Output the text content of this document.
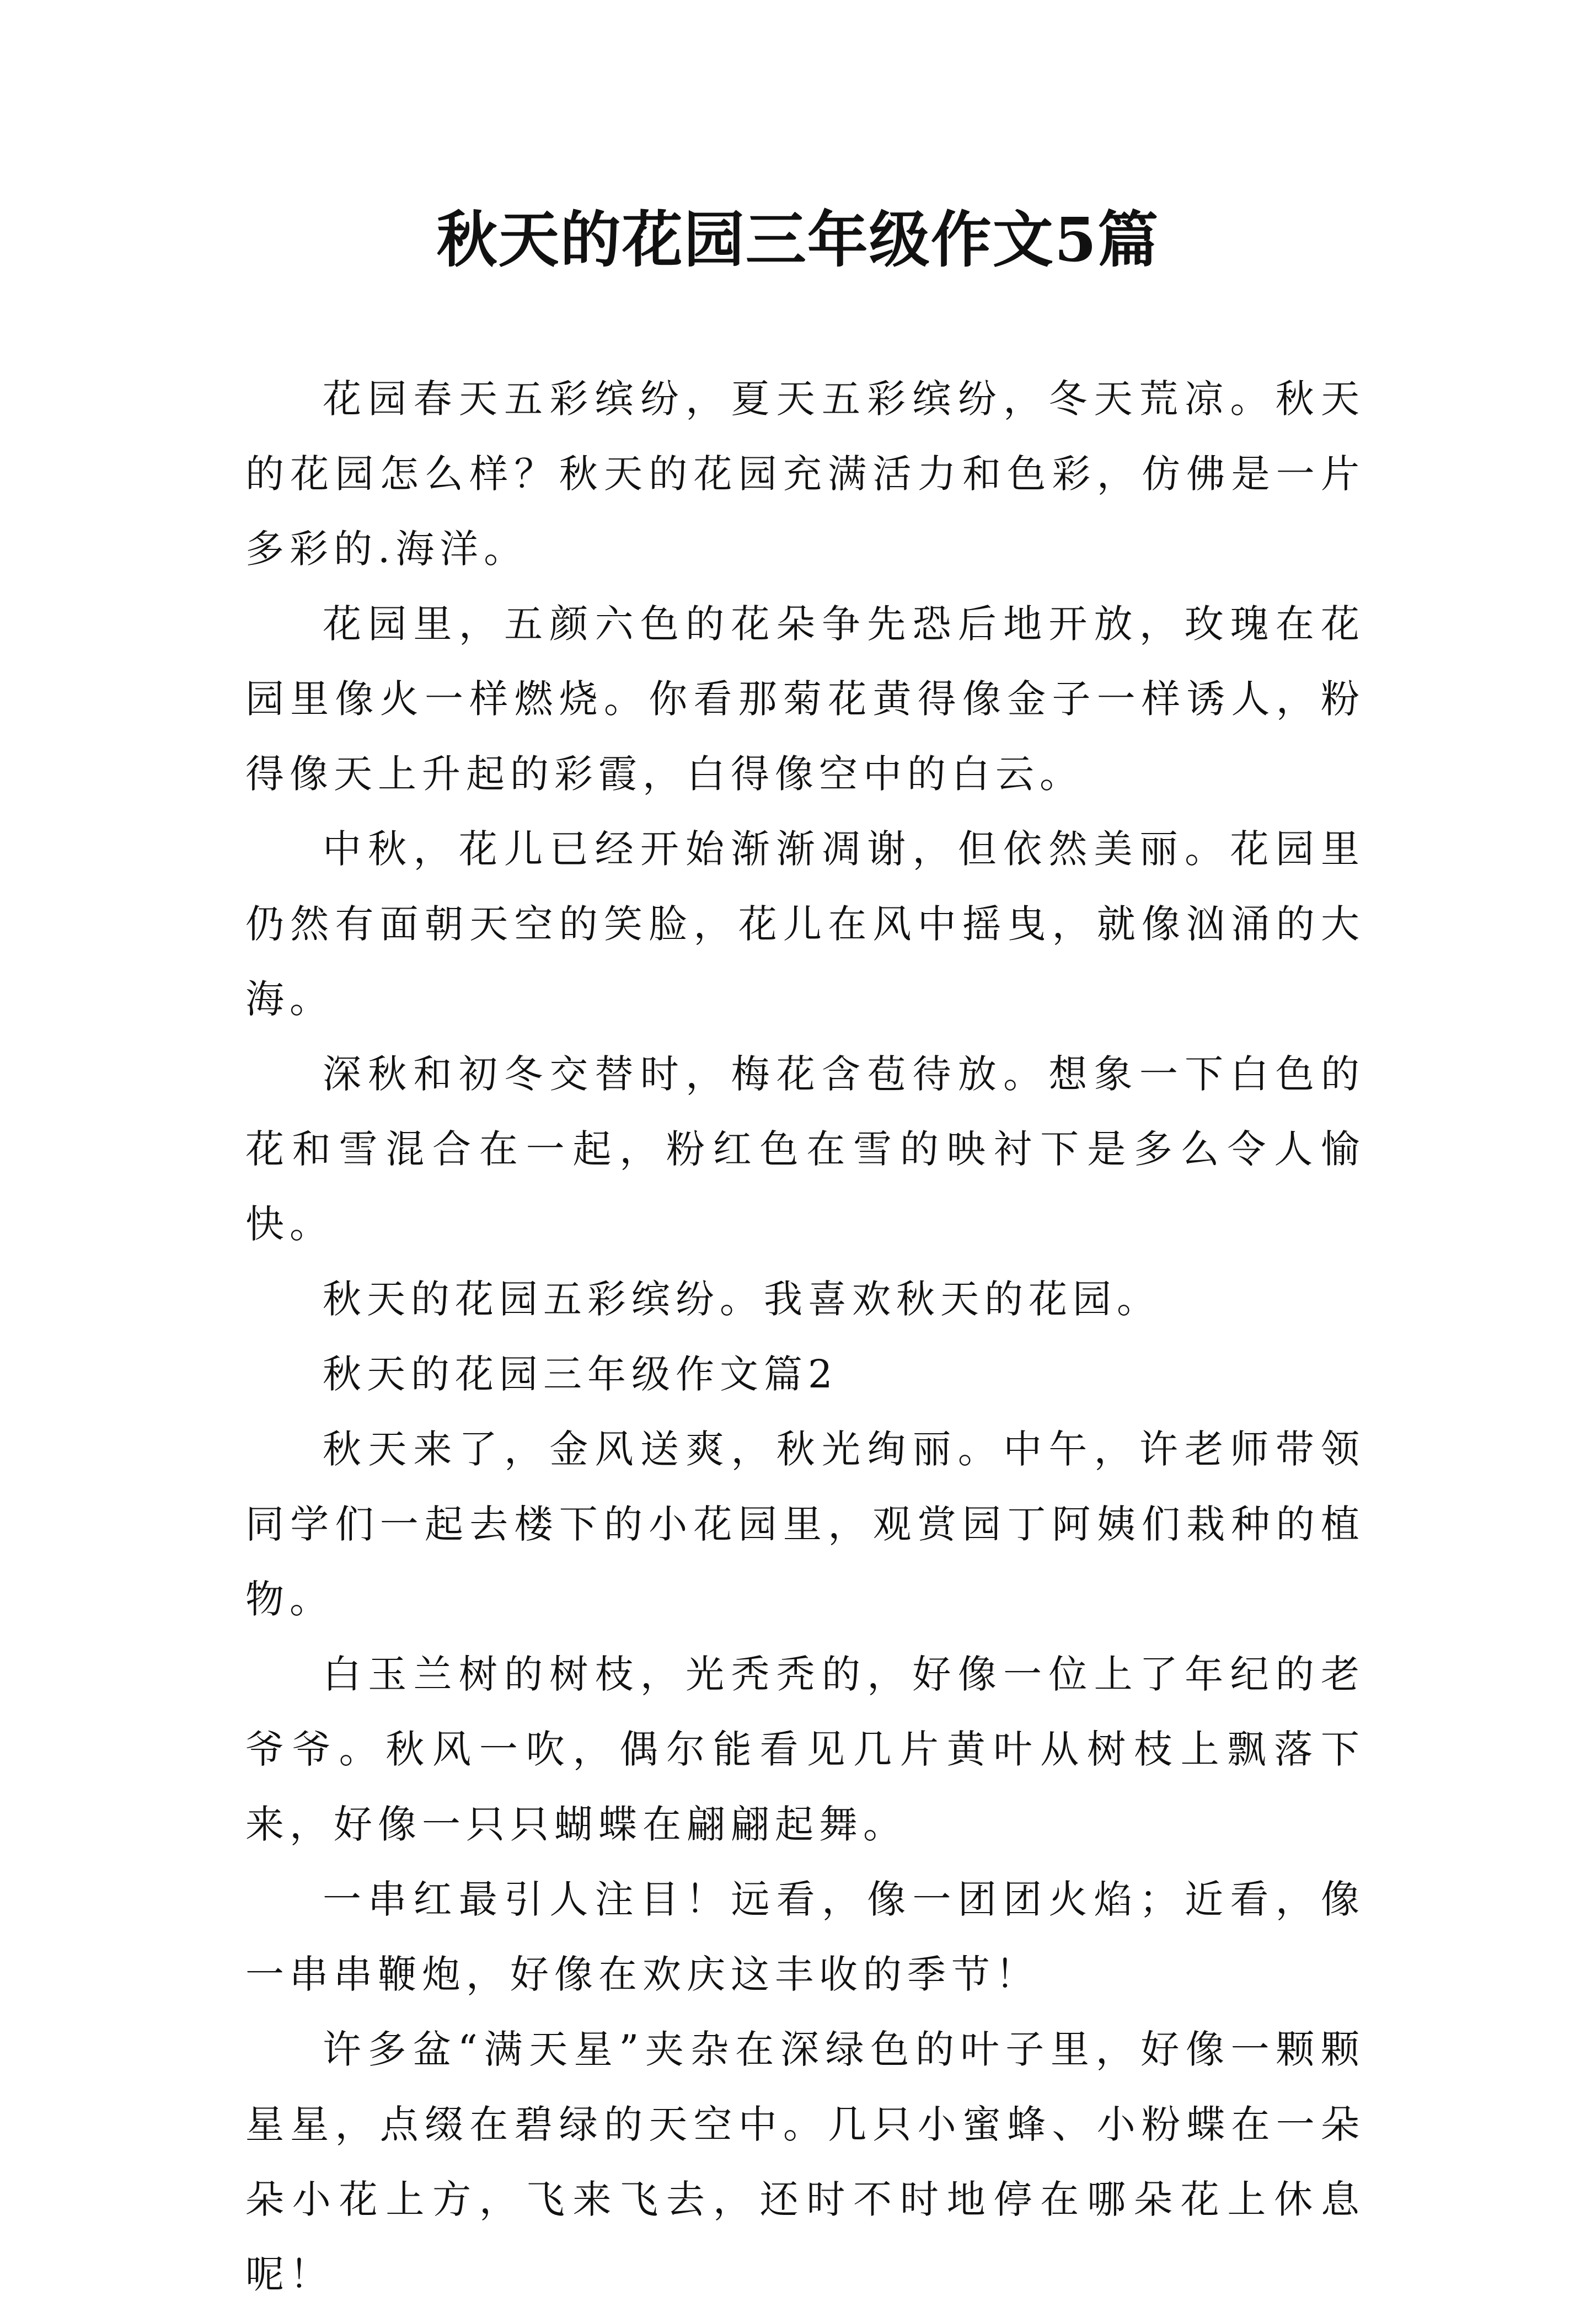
秋天的花园三年级作文5篇

花园春天五彩缤纷，夏天五彩缤纷，冬天荒凉。秋天的花园怎么样？秋天的花园充满活力和色彩，仿佛是一片多彩的.海洋。

花园里，五颜六色的花朵争先恐后地开放，玫瑰在花园里像火一样燃烧。你看那菊花黄得像金子一样诱人，粉得像天上升起的彩霞，白得像空中的白云。

中秋，花儿已经开始渐渐凋谢，但依然美丽。花园里仍然有面朝天空的笑脸，花儿在风中摇曳，就像汹涌的大海。

深秋和初冬交替时，梅花含苞待放。想象一下白色的花和雪混合在一起，粉红色在雪的映衬下是多么令人愉快。

秋天的花园五彩缤纷。我喜欢秋天的花园。

秋天的花园三年级作文篇2

秋天来了，金风送爽，秋光绚丽。中午，许老师带领同学们一起去楼下的小花园里，观赏园丁阿姨们栽种的植物。

白玉兰树的树枝，光秃秃的，好像一位上了年纪的老爷爷。秋风一吹，偶尔能看见几片黄叶从树枝上飘落下来，好像一只只蝴蝶在翩翩起舞。

一串红最引人注目！远看，像一团团火焰；近看，像一串串鞭炮，好像在欢庆这丰收的季节！

许多盆“满天星”夹杂在深绿色的叶子里，好像一颗颗星星，点缀在碧绿的天空中。几只小蜜蜂、小粉蝶在一朵朵小花上方，飞来飞去，还时不时地停在哪朵花上休息呢！
